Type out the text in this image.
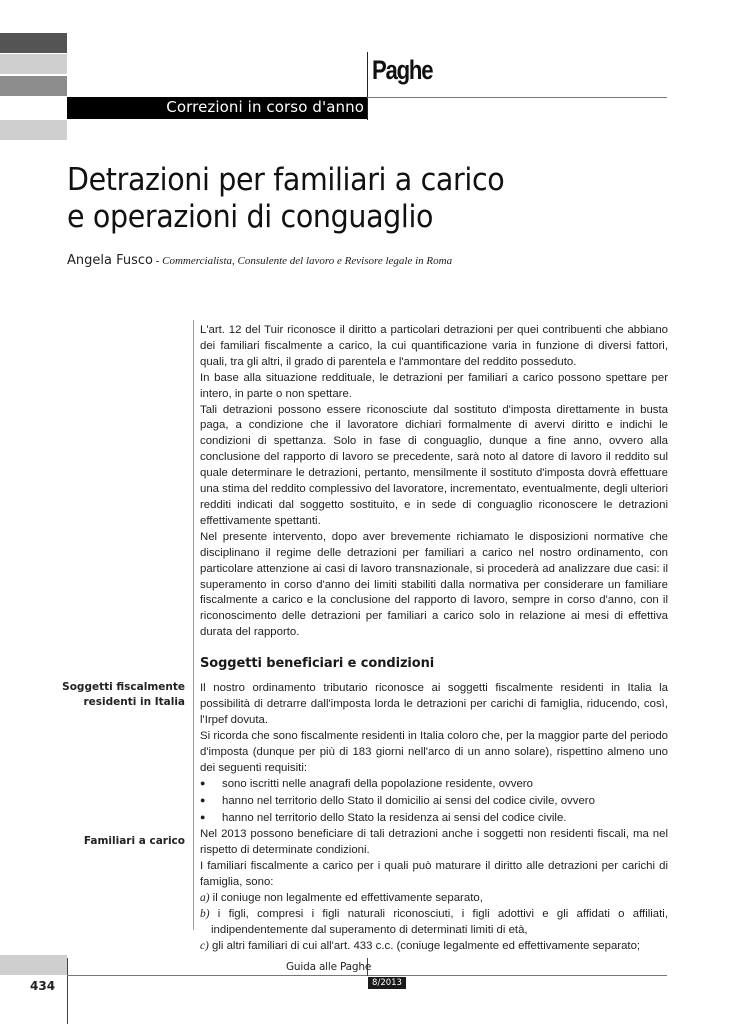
Paghe
Correzioni in corso d'anno
Detrazioni per familiari a carico
e operazioni di conguaglio
Angela Fusco - Commercialista, Consulente del lavoro e Revisore legale in Roma

L'art. 12 del Tuir riconosce il diritto a particolari detrazioni per quei contribuenti che abbiano dei familiari fiscalmente a carico, la cui quantificazione varia in funzione di diversi fattori, quali, tra gli altri, il grado di parentela e l'ammontare del reddito posseduto.

In base alla situazione reddituale, le detrazioni per familiari a carico possono spettare per intero, in parte o non spettare.

Tali detrazioni possono essere riconosciute dal sostituto d'imposta direttamente in busta paga, a condizione che il lavoratore dichiari formalmente di avervi diritto e indichi le condizioni di spettanza. Solo in fase di conguaglio, dunque a fine anno, ovvero alla conclusione del rapporto di lavoro se precedente, sarà noto al datore di lavoro il reddito sul quale determinare le detrazioni, pertanto, mensilmente il sostituto d'imposta dovrà effettuare una stima del reddito complessivo del lavoratore, incrementato, eventualmente, degli ulteriori redditi indicati dal soggetto sostituito, e in sede di conguaglio riconoscere le detrazioni effettivamente spettanti.

Nel presente intervento, dopo aver brevemente richiamato le disposizioni normative che disciplinano il regime delle detrazioni per familiari a carico nel nostro ordinamento, con particolare attenzione ai casi di lavoro transnazionale, si procederà ad analizzare due casi: il superamento in corso d'anno dei limiti stabiliti dalla normativa per considerare un familiare fiscalmente a carico e la conclusione del rapporto di lavoro, sempre in corso d'anno, con il riconoscimento delle detrazioni per familiari a carico solo in relazione ai mesi di effettiva durata del rapporto.

Soggetti beneficiari e condizioni
Soggetti fiscalmente
residenti in Italia
Familiari a carico

Il nostro ordinamento tributario riconosce ai soggetti fiscalmente residenti in Italia la possibilità di detrarre dall'imposta lorda le detrazioni per carichi di famiglia, riducendo, così, l'Irpef dovuta.

Si ricorda che sono fiscalmente residenti in Italia coloro che, per la maggior parte del periodo d'imposta (dunque per più di 183 giorni nell'arco di un anno solare), rispettino almeno uno dei seguenti requisiti:

● sono iscritti nelle anagrafi della popolazione residente, ovvero
● hanno nel territorio dello Stato il domicilio ai sensi del codice civile, ovvero
● hanno nel territorio dello Stato la residenza ai sensi del codice civile.

Nel 2013 possono beneficiare di tali detrazioni anche i soggetti non residenti fiscali, ma nel rispetto di determinate condizioni.

I familiari fiscalmente a carico per i quali può maturare il diritto alle detrazioni per carichi di famiglia, sono:

a) il coniuge non legalmente ed effettivamente separato,
b) i figli, compresi i figli naturali riconosciuti, i figli adottivi e gli affidati o affiliati, indipendentemente dal superamento di determinati limiti di età,
c) gli altri familiari di cui all'art. 433 c.c. (coniuge legalmente ed effettivamente separato;
434
Guida alle Paghe
8/2013
